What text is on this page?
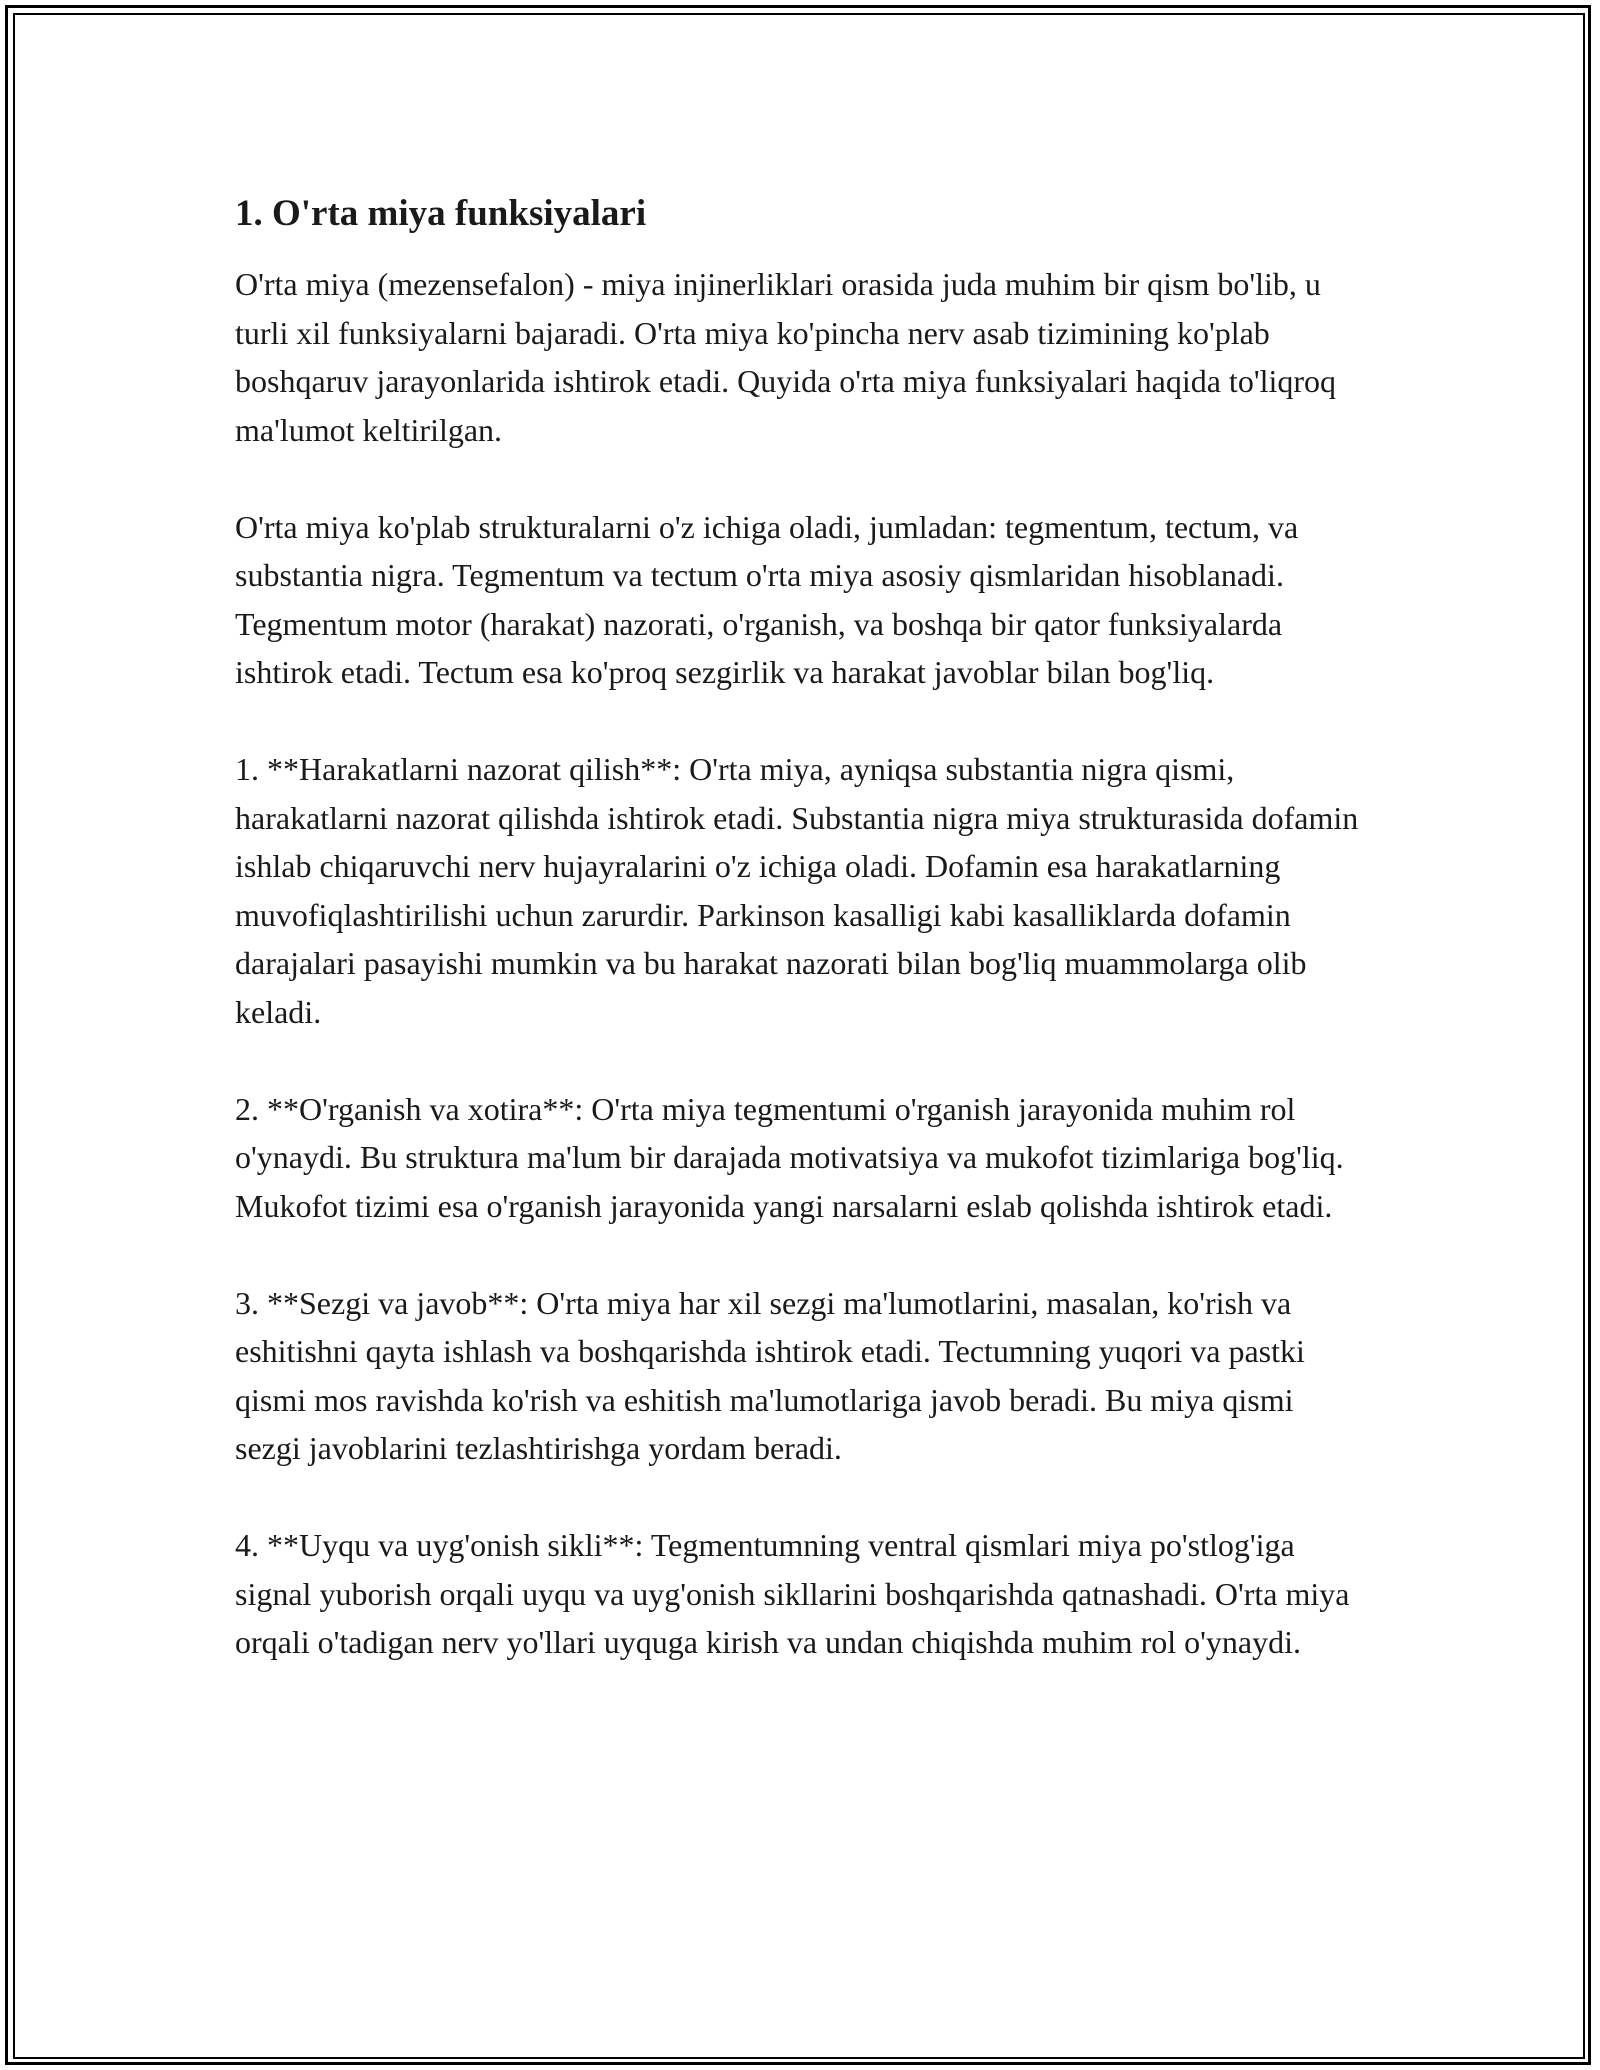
1. O'rta miya funksiyalari

O'rta miya (mezensefalon) - miya injinerliklari orasida juda muhim bir qism bo'lib, u turli xil funksiyalarni bajaradi. O'rta miya ko'pincha nerv asab tizimining ko'plab boshqaruv jarayonlarida ishtirok etadi. Quyida o'rta miya funksiyalari haqida to'liqroq ma'lumot keltirilgan.

O'rta miya ko'plab strukturalarni o'z ichiga oladi, jumladan: tegmentum, tectum, va substantia nigra. Tegmentum va tectum o'rta miya asosiy qismlaridan hisoblanadi. Tegmentum motor (harakat) nazorati, o'rganish, va boshqa bir qator funksiyalarda ishtirok etadi. Tectum esa ko'proq sezgirlik va harakat javoblar bilan bog'liq.

1. **Harakatlarni nazorat qilish**: O'rta miya, ayniqsa substantia nigra qismi, harakatlarni nazorat qilishda ishtirok etadi. Substantia nigra miya strukturasida dofamin ishlab chiqaruvchi nerv hujayralarini o'z ichiga oladi. Dofamin esa harakatlarning muvofiqlashtirilishi uchun zarurdir. Parkinson kasalligi kabi kasalliklarda dofamin darajalari pasayishi mumkin va bu harakat nazorati bilan bog'liq muammolarga olib keladi.

2. **O'rganish va xotira**: O'rta miya tegmentumi o'rganish jarayonida muhim rol o'ynaydi. Bu struktura ma'lum bir darajada motivatsiya va mukofot tizimlariga bog'liq. Mukofot tizimi esa o'rganish jarayonida yangi narsalarni eslab qolishda ishtirok etadi.

3. **Sezgi va javob**: O'rta miya har xil sezgi ma'lumotlarini, masalan, ko'rish va eshitishni qayta ishlash va boshqarishda ishtirok etadi. Tectumning yuqori va pastki qismi mos ravishda ko'rish va eshitish ma'lumotlariga javob beradi. Bu miya qismi sezgi javoblarini tezlashtirishga yordam beradi.

4. **Uyqu va uyg'onish sikli**: Tegmentumning ventral qismlari miya po'stlog'iga signal yuborish orqali uyqu va uyg'onish sikllarini boshqarishda qatnashadi. O'rta miya orqali o'tadigan nerv yo'llari uyquga kirish va undan chiqishda muhim rol o'ynaydi.
